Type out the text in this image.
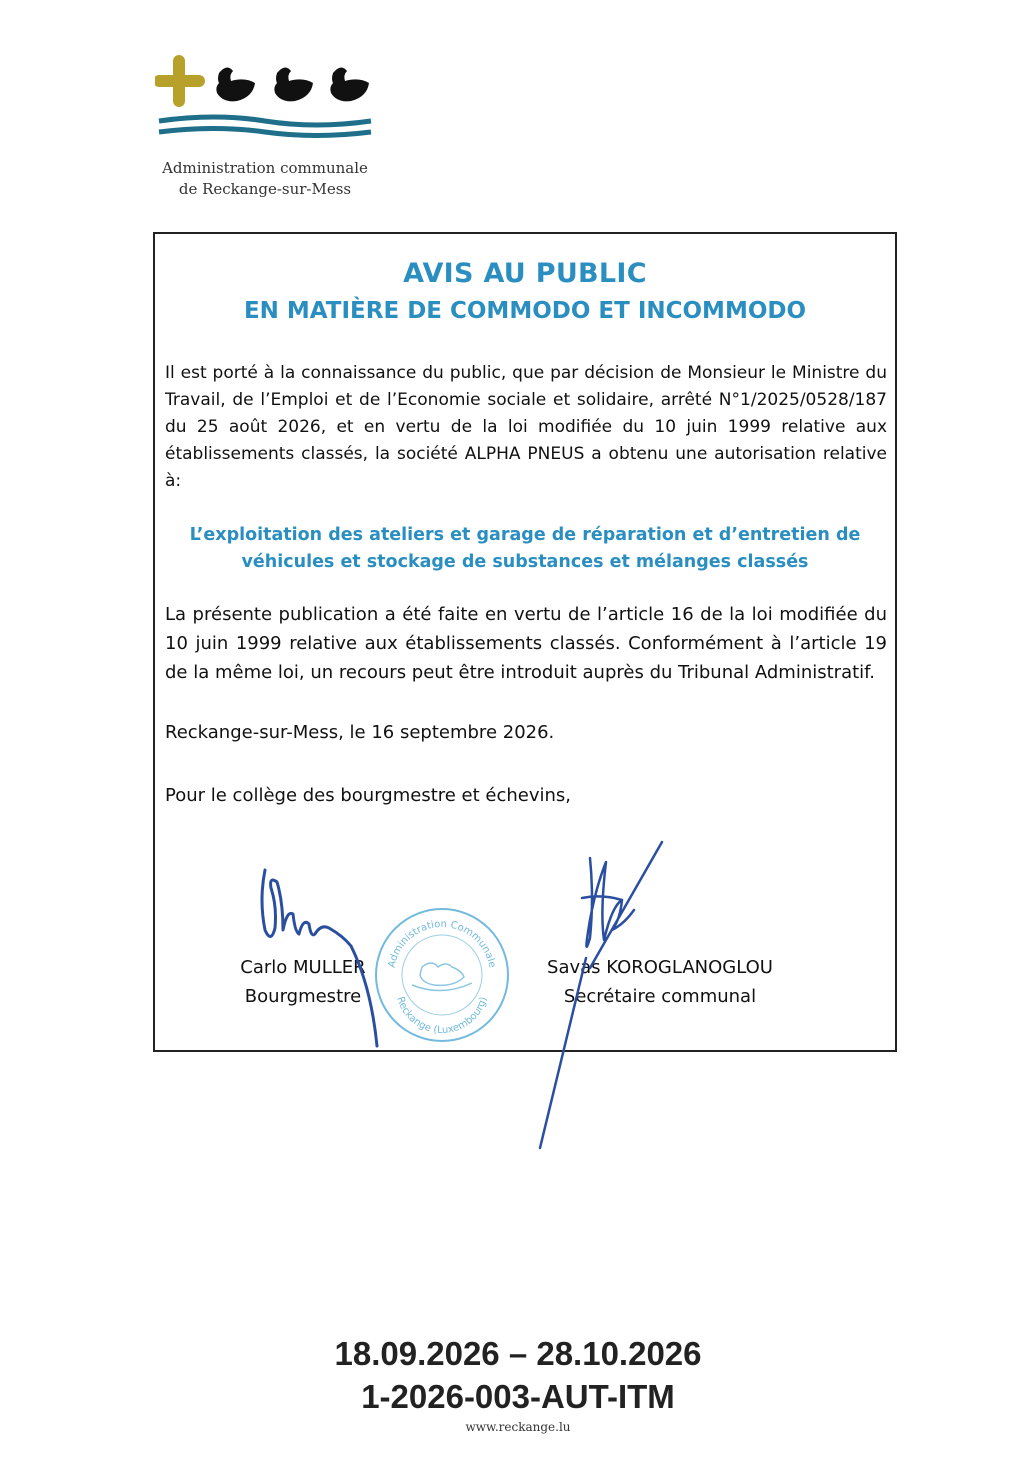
Administration communale
de Reckange-sur-Mess
AVIS AU PUBLIC
EN MATIÈRE DE COMMODO ET INCOMMODO
Il est porté à la connaissance du public, que par décision de Monsieur le Ministre du Travail, de l’Emploi et de l’Economie sociale et solidaire, arrêté N°1/2025/0528/187 du 25 août 2026, et en vertu de la loi modifiée du 10 juin 1999 relative aux établissements classés, la société ALPHA PNEUS a obtenu une autorisation relative à:
L’exploitation des ateliers et garage de réparation et d’entretien de véhicules et stockage de substances et mélanges classés
La présente publication a été faite en vertu de l’article 16 de la loi modifiée du 10 juin 1999 relative aux établissements classés. Conformément à l’article 19 de la même loi, un recours peut être introduit auprès du Tribunal Administratif.
Reckange-sur-Mess, le 16 septembre 2026.
Pour le collège des bourgmestre et échevins,
Carlo MULLER
Bourgmestre
Savas KOROGLANOGLOU
Secrétaire communal
Administration Communale
Reckange (Luxembourg)
18.09.2026 – 28.10.2026
1-2026-003-AUT-ITM
www.reckange.lu
